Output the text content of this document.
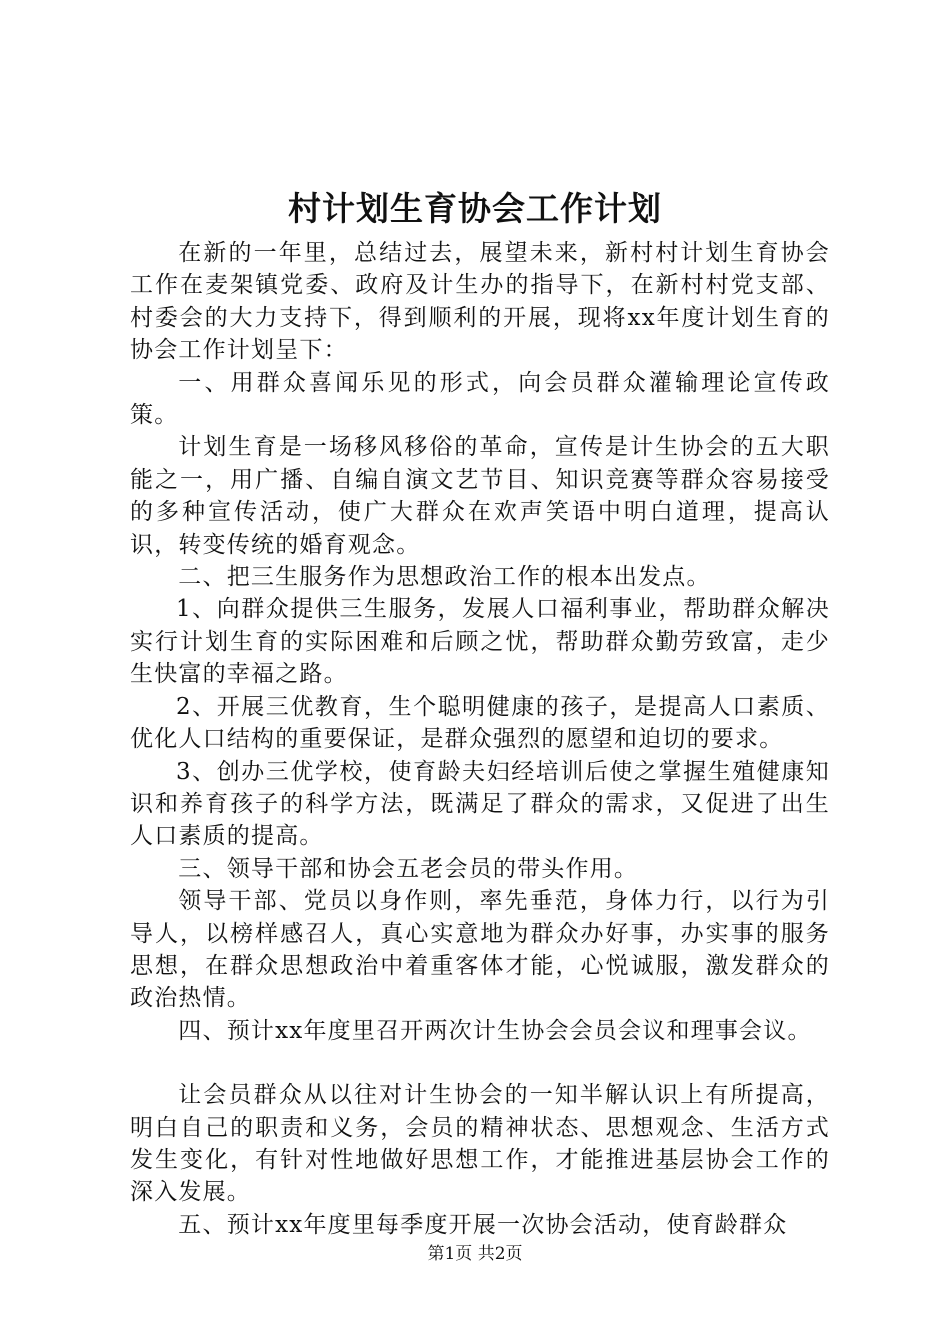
村计划生育协会工作计划

在新的一年里，总结过去，展望未来，新村村计划生育协会工作在麦架镇党委、政府及计生办的指导下，在新村村党支部、村委会的大力支持下，得到顺利的开展，现将xx年度计划生育的协会工作计划呈下：

一、用群众喜闻乐见的形式，向会员群众灌输理论宣传政策。

计划生育是一场移风移俗的革命，宣传是计生协会的五大职能之一，用广播、自编自演文艺节目、知识竞赛等群众容易接受的多种宣传活动，使广大群众在欢声笑语中明白道理，提高认识，转变传统的婚育观念。

二、把三生服务作为思想政治工作的根本出发点。

1、向群众提供三生服务，发展人口福利事业，帮助群众解决实行计划生育的实际困难和后顾之忧，帮助群众勤劳致富，走少生快富的幸福之路。

2、开展三优教育，生个聪明健康的孩子，是提高人口素质、优化人口结构的重要保证，是群众强烈的愿望和迫切的要求。

3、创办三优学校，使育龄夫妇经培训后使之掌握生殖健康知识和养育孩子的科学方法，既满足了群众的需求，又促进了出生人口素质的提高。

三、领导干部和协会五老会员的带头作用。

领导干部、党员以身作则，率先垂范，身体力行，以行为引导人，以榜样感召人，真心实意地为群众办好事，办实事的服务思想，在群众思想政治中着重客体才能，心悦诚服，激发群众的政治热情。

四、预计xx年度里召开两次计生协会会员会议和理事会议。

让会员群众从以往对计生协会的一知半解认识上有所提高，明白自己的职责和义务，会员的精神状态、思想观念、生活方式发生变化，有针对性地做好思想工作，才能推进基层协会工作的深入发展。

五、预计xx年度里每季度开展一次协会活动，使育龄群众

第1页 共2页
